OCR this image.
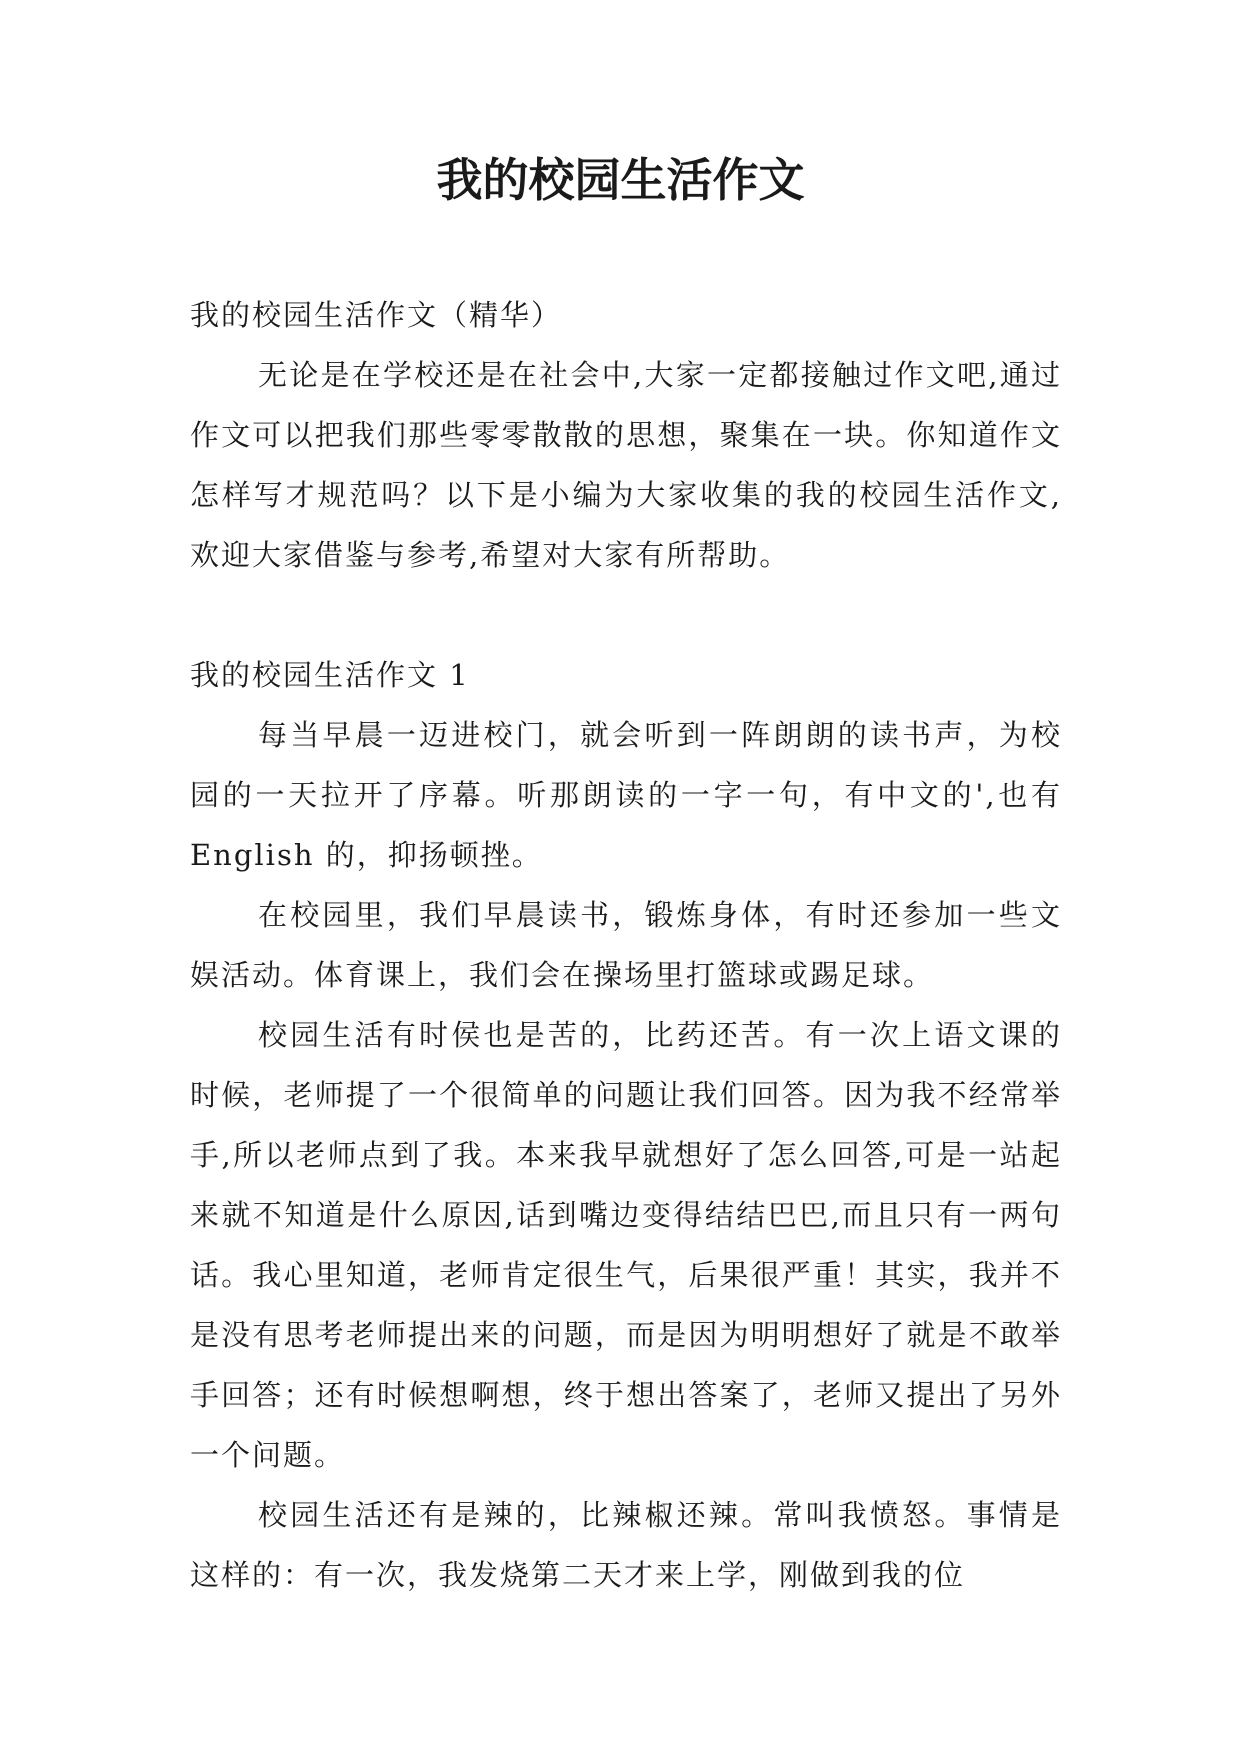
我的校园生活作文

我的校园生活作文（精华）

无论是在学校还是在社会中,大家一定都接触过作文吧,通过作文可以把我们那些零零散散的思想，聚集在一块。你知道作文怎样写才规范吗？以下是小编为大家收集的我的校园生活作文,欢迎大家借鉴与参考,希望对大家有所帮助。

我的校园生活作文 1

每当早晨一迈进校门，就会听到一阵朗朗的读书声，为校园的一天拉开了序幕。听那朗读的一字一句，有中文的',也有 English 的，抑扬顿挫。

在校园里，我们早晨读书，锻炼身体，有时还参加一些文娱活动。体育课上，我们会在操场里打篮球或踢足球。

校园生活有时侯也是苦的，比药还苦。有一次上语文课的时候，老师提了一个很简单的问题让我们回答。因为我不经常举手,所以老师点到了我。本来我早就想好了怎么回答,可是一站起来就不知道是什么原因,话到嘴边变得结结巴巴,而且只有一两句话。我心里知道，老师肯定很生气，后果很严重！其实，我并不是没有思考老师提出来的问题，而是因为明明想好了就是不敢举手回答；还有时候想啊想，终于想出答案了，老师又提出了另外一个问题。

校园生活还有是辣的，比辣椒还辣。常叫我愤怒。事情是这样的：有一次，我发烧第二天才来上学，刚做到我的位
